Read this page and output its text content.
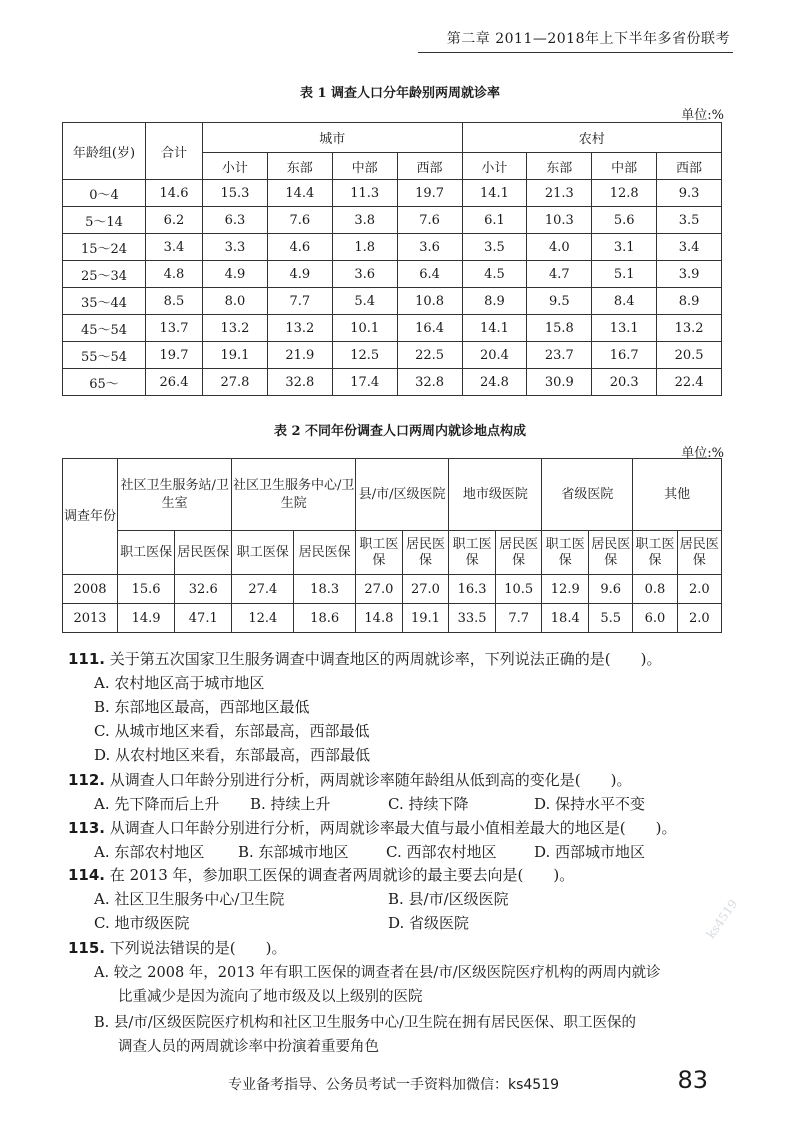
第二章 2011—2018年上下半年多省份联考
表 1 调查人口分年龄别两周就诊率
单位:%
年龄组(岁)	合计	城市				农村			
		小计	东部	中部	西部	小计	东部	中部	西部
0～4	14.6	15.3	14.4	11.3	19.7	14.1	21.3	12.8	9.3
5～14	6.2	6.3	7.6	3.8	7.6	6.1	10.3	5.6	3.5
15～24	3.4	3.3	4.6	1.8	3.6	3.5	4.0	3.1	3.4
25～34	4.8	4.9	4.9	3.6	6.4	4.5	4.7	5.1	3.9
35～44	8.5	8.0	7.7	5.4	10.8	8.9	9.5	8.4	8.9
45～54	13.7	13.2	13.2	10.1	16.4	14.1	15.8	13.1	13.2
55～54	19.7	19.1	21.9	12.5	22.5	20.4	23.7	16.7	20.5
65～	26.4	27.8	32.8	17.4	32.8	24.8	30.9	20.3	22.4
表 2 不同年份调查人口两周内就诊地点构成
单位:%
调查年份	社区卫生服务站/卫生室		社区卫生服务中心/卫生院		县/市/区级医院		地市级医院		省级医院		其他	
	职工医保	居民医保	职工医保	居民医保	职工医保	居民医保	职工医保	居民医保	职工医保	居民医保	职工医保	居民医保
2008	15.6	32.6	27.4	18.3	27.0	27.0	16.3	10.5	12.9	9.6	0.8	2.0
2013	14.9	47.1	12.4	18.6	14.8	19.1	33.5	7.7	18.4	5.5	6.0	2.0
111. 关于第五次国家卫生服务调查中调查地区的两周就诊率，下列说法正确的是(　　)。
A. 农村地区高于城市地区
B. 东部地区最高，西部地区最低
C. 从城市地区来看，东部最高，西部最低
D. 从农村地区来看，东部最高，西部最低
112. 从调查人口年龄分别进行分析，两周就诊率随年龄组从低到高的变化是(　　)。
A. 先下降而后上升 B. 持续上升	C. 持续下降	D. 保持水平不变
113. 从调查人口年龄分别进行分析，两周就诊率最大值与最小值相差最大的地区是(　　)。
A. 东部农村地区 B. 东部城市地区 C. 西部农村地区	D. 西部城市地区
114. 在 2013 年，参加职工医保的调查者两周就诊的最主要去向是(　　)。
A. 社区卫生服务中心/卫生院	B. 县/市/区级医院
C. 地市级医院	D. 省级医院
115. 下列说法错误的是(　　)。
A. 较之 2008 年，2013 年有职工医保的调查者在县/市/区级医院医疗机构的两周内就诊
比重减少是因为流向了地市级及以上级别的医院
B. 县/市/区级医院医疗机构和社区卫生服务中心/卫生院在拥有居民医保、职工医保的
调查人员的两周就诊率中扮演着重要角色
ks4519
专业备考指导、公务员考试一手资料加微信：ks4519	83
